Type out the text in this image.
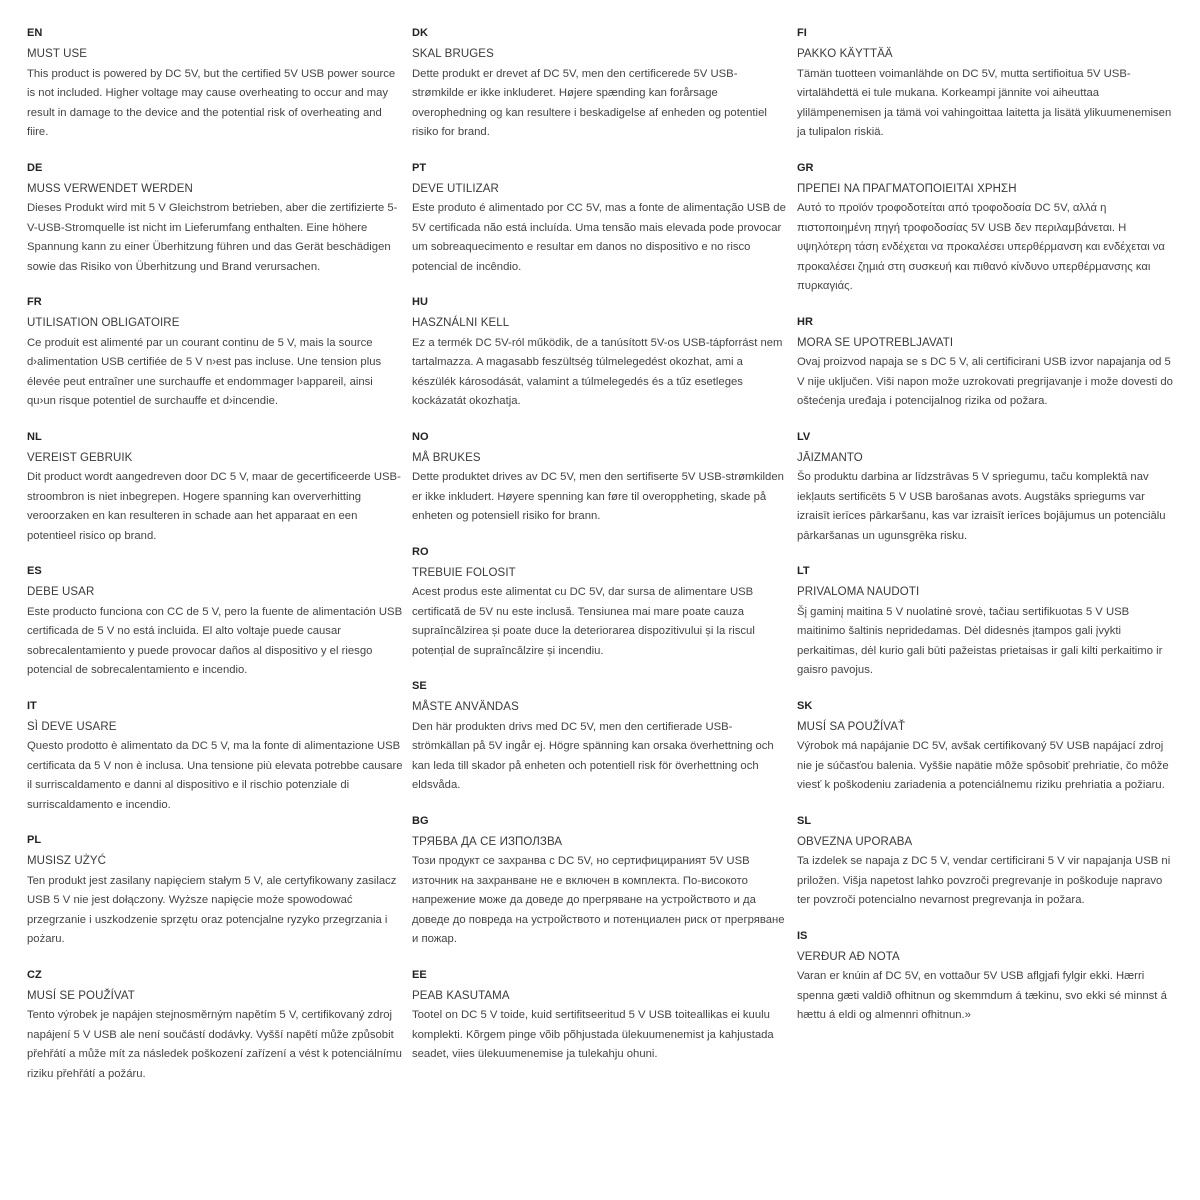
EN
MUST USE
This product is powered by DC 5V, but the certified 5V USB power source is not included. Higher voltage may cause overheating to occur and may result in damage to the device and the potential risk of overheating and fiire.
DE
MUSS VERWENDET WERDEN
Dieses Produkt wird mit 5 V Gleichstrom betrieben, aber die zertifizierte 5-V-USB-Stromquelle ist nicht im Lieferumfang enthalten. Eine höhere Spannung kann zu einer Überhitzung führen und das Gerät beschädigen sowie das Risiko von Überhitzung und Brand verursachen.
FR
UTILISATION OBLIGATOIRE
Ce produit est alimenté par un courant continu de 5 V, mais la source d›alimentation USB certifiée de 5 V n›est pas incluse. Une tension plus élevée peut entraîner une surchauffe et endommager l›appareil, ainsi qu›un risque potentiel de surchauffe et d›incendie.
NL
VEREIST GEBRUIK
Dit product wordt aangedreven door DC 5 V, maar de gecertificeerde USB-stroombron is niet inbegrepen. Hogere spanning kan oververhitting veroorzaken en kan resulteren in schade aan het apparaat en een potentieel risico op brand.
ES
DEBE USAR
Este producto funciona con CC de 5 V, pero la fuente de alimentación USB certificada de 5 V no está incluida. El alto voltaje puede causar sobrecalentamiento y puede provocar daños al dispositivo y el riesgo potencial de sobrecalentamiento e incendio.
IT
SÌ DEVE USARE
Questo prodotto è alimentato da DC 5 V, ma la fonte di alimentazione USB certificata da 5 V non è inclusa. Una tensione più elevata potrebbe causare il surriscaldamento e danni al dispositivo e il rischio potenziale di surriscaldamento e incendio.
PL
MUSISZ UŻYĆ
Ten produkt jest zasilany napięciem stałym 5 V, ale certyfikowany zasilacz USB 5 V nie jest dołączony. Wyższe napięcie może spowodować przegrzanie i uszkodzenie sprzętu oraz potencjalne ryzyko przegrzania i pożaru.
CZ
MUSÍ SE POUŽÍVAT
Tento výrobek je napájen stejnosměrným napětím 5 V, certifikovaný zdroj napájení 5 V USB ale není součástí dodávky. Vyšší napětí může způsobit přehřátí a může mít za následek poškození zařízení a vést k potenciálnímu riziku přehřátí a požáru.
DK
SKAL BRUGES
Dette produkt er drevet af DC 5V, men den certificerede 5V USB-strømkilde er ikke inkluderet. Højere spænding kan forårsage overophedning og kan resultere i beskadigelse af enheden og potentiel risiko for brand.
PT
DEVE UTILIZAR
Este produto é alimentado por CC 5V, mas a fonte de alimentação USB de 5V certificada não está incluída. Uma tensão mais elevada pode provocar um sobreaquecimento e resultar em danos no dispositivo e no risco potencial de incêndio.
HU
HASZNÁLNI KELL
Ez a termék DC 5V-ról működik, de a tanúsított 5V-os USB-tápforrást nem tartalmazza. A magasabb feszültség túlmelegedést okozhat, ami a készülék károsodását, valamint a túlmelegedés és a tűz esetleges kockázatát okozhatja.
NO
MÅ BRUKES
Dette produktet drives av DC 5V, men den sertifiserte 5V USB-strømkilden er ikke inkludert. Høyere spenning kan føre til overoppheting, skade på enheten og potensiell risiko for brann.
RO
TREBUIE FOLOSIT
Acest produs este alimentat cu DC 5V, dar sursa de alimentare USB certificată de 5V nu este inclusă. Tensiunea mai mare poate cauza supraîncălzirea și poate duce la deteriorarea dispozitivului și la riscul potențial de supraîncălzire și incendiu.
SE
MÅSTE ANVÄNDAS
Den här produkten drivs med DC 5V, men den certifierade USB-strömkällan på 5V ingår ej. Högre spänning kan orsaka överhettning och kan leda till skador på enheten och potentiell risk för överhettning och eldsvåda.
BG
ТРЯБВА ДА СЕ ИЗПОЛЗВА
Този продукт се захранва с DC 5V, но сертифицираният 5V USB източник на захранване не е включен в комплекта. По-високото напрежение може да доведе до прегряване на устройството и да доведе до повреда на устройството и потенциален риск от прегряване и пожар.
EE
PEAB KASUTAMA
Tootel on DC 5 V toide, kuid sertifitseeritud 5 V USB toiteallikas ei kuulu komplekti. Kõrgem pinge võib põhjustada ülekuumenemist ja kahjustada seadet, viies ülekuumenemise ja tulekahju ohuni.
FI
PAKKO KÄYTTÄÄ
Tämän tuotteen voimanlähde on DC 5V, mutta sertifioitua 5V USB-virtalähdettä ei tule mukana. Korkeampi jännite voi aiheuttaa ylilämpenemisen ja tämä voi vahingoittaa laitetta ja lisätä ylikuumenemisen ja tulipalon riskiä.
GR
ΠΡΕΠΕΙ ΝΑ ΠΡΑΓΜΑΤΟΠΟΙΕΙΤΑΙ ΧΡΗΣΗ
Αυτό το προϊόν τροφοδοτείται από τροφοδοσία DC 5V, αλλά η πιστοποιημένη πηγή τροφοδοσίας 5V USB δεν περιλαμβάνεται. Η υψηλότερη τάση ενδέχεται να προκαλέσει υπερθέρμανση και ενδέχεται να προκαλέσει ζημιά στη συσκευή και πιθανό κίνδυνο υπερθέρμανσης και πυρκαγιάς.
HR
MORA SE UPOTREBLJAVATI
Ovaj proizvod napaja se s DC 5 V, ali certificirani USB izvor napajanja od 5 V nije uključen. Viši napon može uzrokovati pregrijavanje i može dovesti do oštećenja uređaja i potencijalnog rizika od požara.
LV
JĀIZMANTO
Šo produktu darbina ar līdzstrāvas 5 V spriegumu, taču komplektā nav iekļauts sertificēts 5 V USB barošanas avots. Augstāks spriegums var izraisīt ierīces pārkaršanu, kas var izraisīt ierīces bojājumus un potenciālu pārkaršanas un ugunsgrēka risku.
LT
PRIVALOMA NAUDOTI
Šį gaminį maitina 5 V nuolatinė srovė, tačiau sertifikuotas 5 V USB maitinimo šaltinis nepridedamas. Dėl didesnės įtampos gali įvykti perkaitimas, dėl kurio gali būti pažeistas prietaisas ir gali kilti perkaitimo ir gaisro pavojus.
SK
MUSÍ SA POUŽÍVAŤ
Výrobok má napájanie DC 5V, avšak certifikovaný 5V USB napájací zdroj nie je súčasťou balenia. Vyššie napätie môže spôsobiť prehriatie, čo môže viesť k poškodeniu zariadenia a potenciálnemu riziku prehriatia a požiaru.
SL
OBVEZNA UPORABA
Ta izdelek se napaja z DC 5 V, vendar certificirani 5 V vir napajanja USB ni priložen. Višja napetost lahko povzroči pregrevanje in poškoduje napravo ter povzroči potencialno nevarnost pregrevanja in požara.
IS
VERÐUR AÐ NOTA
Varan er knúin af DC 5V, en vottaður 5V USB aflgjafi fylgir ekki. Hærri spenna gæti valdið ofhitnun og skemmdum á tækinu, svo ekki sé minnst á hættu á eldi og almennri ofhitnun.»
